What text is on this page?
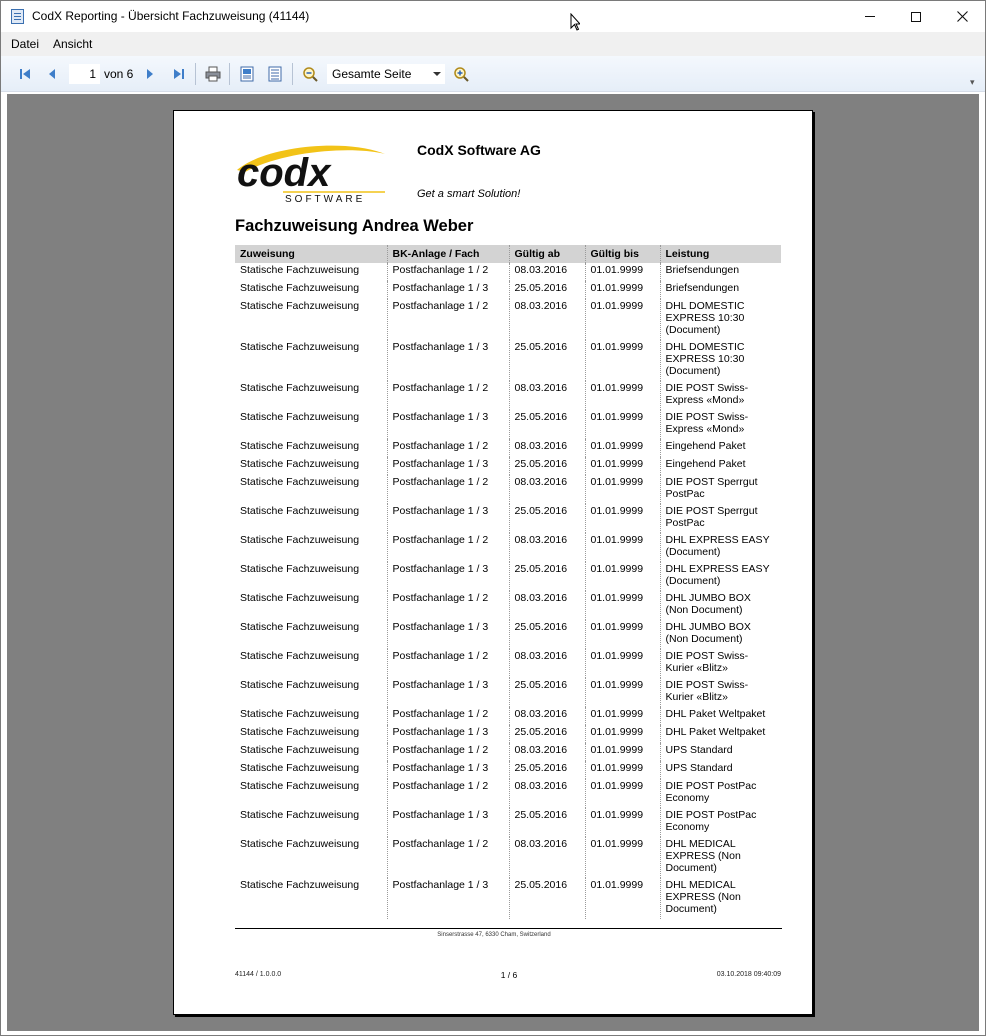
CodX Reporting - Übersicht Fachzuweisung (41144)
Datei Ansicht
1 von 6	Gesamte Seite
▾
codx
SOFTWARE
CodX Software AG
Get a smart Solution!
Fachzuweisung Andrea Weber
Zuweisung	BK-Anlage / Fach	Gültig ab	Gültig bis	Leistung
Statische Fachzuweisung	Postfachanlage 1 / 2	08.03.2016	01.01.9999	Briefsendungen
Statische Fachzuweisung	Postfachanlage 1 / 3	25.05.2016	01.01.9999	Briefsendungen
Statische Fachzuweisung	Postfachanlage 1 / 2	08.03.2016	01.01.9999	DHL DOMESTIC EXPRESS 10:30 (Document)
Statische Fachzuweisung	Postfachanlage 1 / 3	25.05.2016	01.01.9999	DHL DOMESTIC EXPRESS 10:30 (Document)
Statische Fachzuweisung	Postfachanlage 1 / 2	08.03.2016	01.01.9999	DIE POST Swiss-Express «Mond»
Statische Fachzuweisung	Postfachanlage 1 / 3	25.05.2016	01.01.9999	DIE POST Swiss-Express «Mond»
Statische Fachzuweisung	Postfachanlage 1 / 2	08.03.2016	01.01.9999	Eingehend Paket
Statische Fachzuweisung	Postfachanlage 1 / 3	25.05.2016	01.01.9999	Eingehend Paket
Statische Fachzuweisung	Postfachanlage 1 / 2	08.03.2016	01.01.9999	DIE POST Sperrgut PostPac
Statische Fachzuweisung	Postfachanlage 1 / 3	25.05.2016	01.01.9999	DIE POST Sperrgut PostPac
Statische Fachzuweisung	Postfachanlage 1 / 2	08.03.2016	01.01.9999	DHL EXPRESS EASY (Document)
Statische Fachzuweisung	Postfachanlage 1 / 3	25.05.2016	01.01.9999	DHL EXPRESS EASY (Document)
Statische Fachzuweisung	Postfachanlage 1 / 2	08.03.2016	01.01.9999	DHL JUMBO BOX (Non Document)
Statische Fachzuweisung	Postfachanlage 1 / 3	25.05.2016	01.01.9999	DHL JUMBO BOX (Non Document)
Statische Fachzuweisung	Postfachanlage 1 / 2	08.03.2016	01.01.9999	DIE POST Swiss-Kurier «Blitz»
Statische Fachzuweisung	Postfachanlage 1 / 3	25.05.2016	01.01.9999	DIE POST Swiss-Kurier «Blitz»
Statische Fachzuweisung	Postfachanlage 1 / 2	08.03.2016	01.01.9999	DHL Paket Weltpaket
Statische Fachzuweisung	Postfachanlage 1 / 3	25.05.2016	01.01.9999	DHL Paket Weltpaket
Statische Fachzuweisung	Postfachanlage 1 / 2	08.03.2016	01.01.9999	UPS Standard
Statische Fachzuweisung	Postfachanlage 1 / 3	25.05.2016	01.01.9999	UPS Standard
Statische Fachzuweisung	Postfachanlage 1 / 2	08.03.2016	01.01.9999	DIE POST PostPac Economy
Statische Fachzuweisung	Postfachanlage 1 / 3	25.05.2016	01.01.9999	DIE POST PostPac Economy
Statische Fachzuweisung	Postfachanlage 1 / 2	08.03.2016	01.01.9999	DHL MEDICAL EXPRESS (Non Document)
Statische Fachzuweisung	Postfachanlage 1 / 3	25.05.2016	01.01.9999	DHL MEDICAL EXPRESS (Non Document)
Sinserstrasse 47, 6330 Cham, Switzerland
41144 / 1.0.0.0	1 / 6	03.10.2018 09:40:09
